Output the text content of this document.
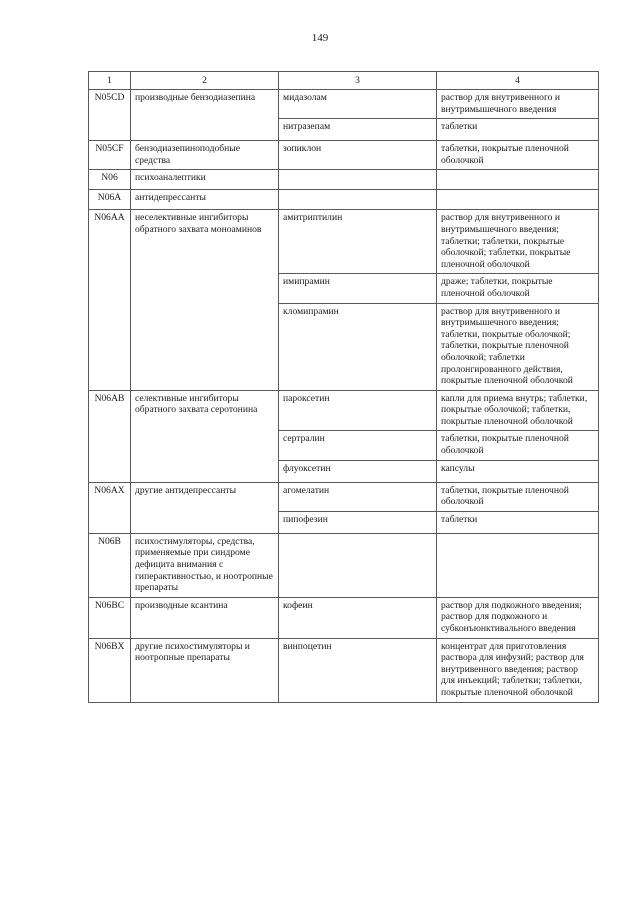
149
1	2	3	4
N05CD	производные бензодиазепина	мидазолам	раствор для внутривенного и внутримышечного введения
		нитразепам	таблетки
N05CF	бензодиазепиноподобные средства	зопиклон	таблетки, покрытые пленочной оболочкой
N06	психоаналептики		
N06A	антидепрессанты		
N06AA	неселективные ингибиторы обратного захвата моноаминов	амитриптилин	раствор для внутривенного и внутримышечного введения; таблетки; таблетки, покрытые оболочкой; таблетки, покрытые пленочной оболочкой
		имипрамин	драже; таблетки, покрытые пленочной оболочкой
		кломипрамин	раствор для внутривенного и внутримышечного введения; таблетки, покрытые оболочкой; таблетки, покрытые пленочной оболочкой; таблетки пролонгированного действия, покрытые пленочной оболочкой
N06AB	селективные ингибиторы обратного захвата серотонина	пароксетин	капли для приема внутрь; таблетки, покрытые оболочкой; таблетки, покрытые пленочной оболочкой
		сертралин	таблетки, покрытые пленочной оболочкой
		флуоксетин	капсулы
N06AX	другие антидепрессанты	агомелатин	таблетки, покрытые пленочной оболочкой
		пипофезин	таблетки
N06B	психостимуляторы, средства, применяемые при синдроме дефицита внимания с гиперактивностью, и ноотропные препараты		
N06BC	производные ксантина	кофеин	раствор для подкожного введения; раствор для подкожного и субконъюнктивального введения
N06BX	другие психостимуляторы и ноотропные препараты	винпоцетин	концентрат для приготовления раствора для инфузий; раствор для внутривенного введения; раствор для инъекций; таблетки; таблетки, покрытые пленочной оболочкой
